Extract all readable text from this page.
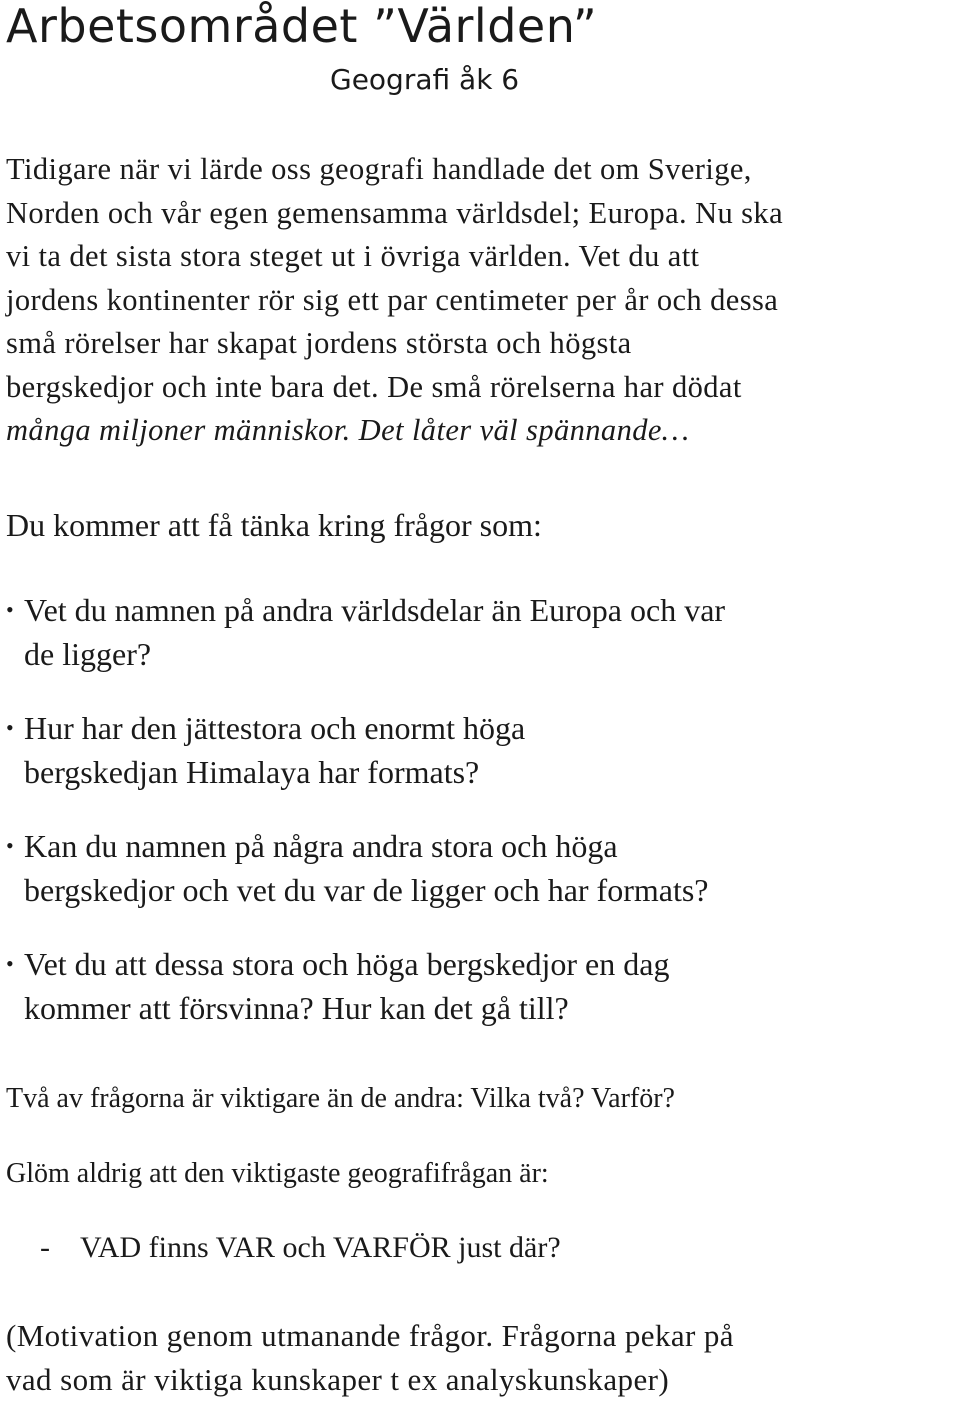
Arbetsområdet ”Världen”
Geografi åk 6

Tidigare när vi lärde oss geografi handlade det om Sverige,
Norden och vår egen gemensamma världsdel; Europa. Nu ska
vi ta det sista stora steget ut i övriga världen. Vet du att
jordens kontinenter rör sig ett par centimeter per år och dessa
små rörelser har skapat jordens största och högsta
bergskedjor och inte bara det. De små rörelserna har dödat
många miljoner människor. Det låter väl spännande…

Du kommer att få tänka kring frågor som:

• Vet du namnen på andra världsdelar än Europa och var
de ligger?
• Hur har den jättestora och enormt höga
bergskedjan Himalaya har formats?
• Kan du namnen på några andra stora och höga
bergskedjor och vet du var de ligger och har formats?
• Vet du att dessa stora och höga bergskedjor en dag
kommer att försvinna? Hur kan det gå till?

Två av frågorna är viktigare än de andra: Vilka två? Varför?

Glöm aldrig att den viktigaste geografifrågan är:

- VAD finns VAR och VARFÖR just där?

(Motivation genom utmanande frågor. Frågorna pekar på
vad som är viktiga kunskaper t ex analyskunskaper)
